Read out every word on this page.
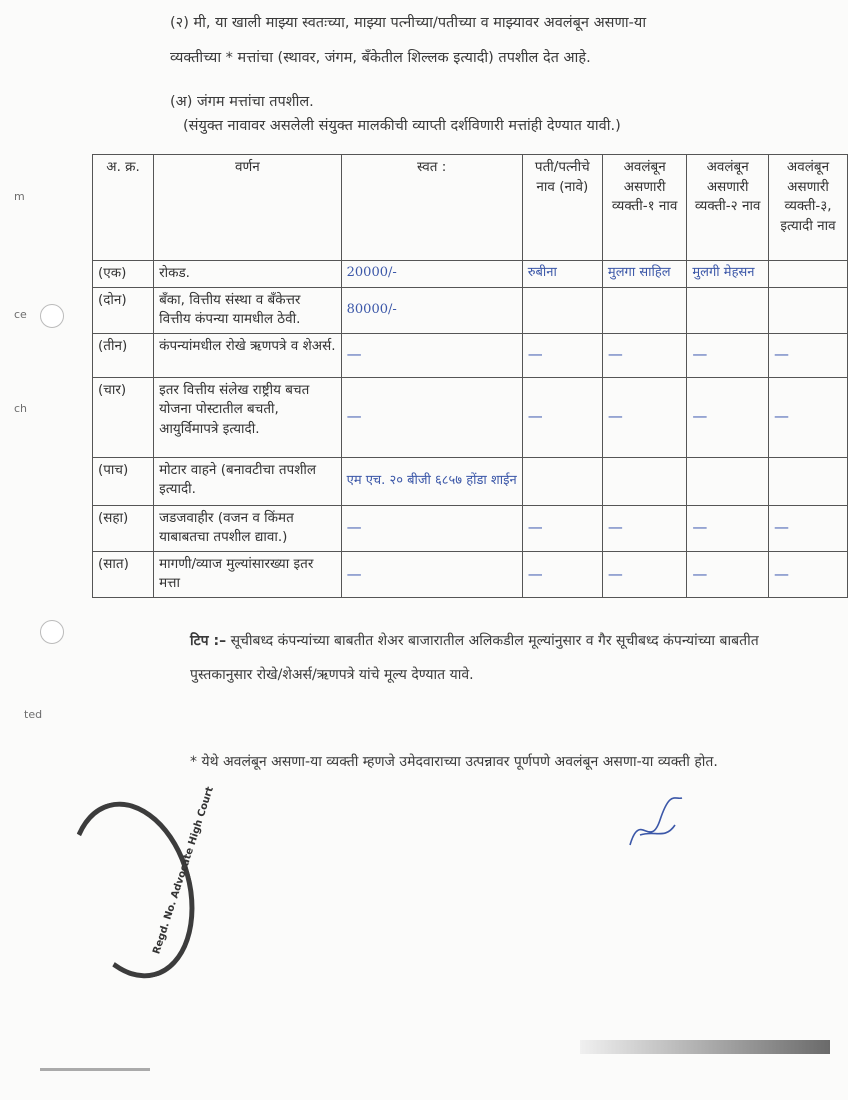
(२) मी, या खाली माझ्या स्वतःच्या, माझ्या पत्नीच्या/पतीच्या व माझ्यावर अवलंबून असणा-या
व्यक्तीच्या * मत्तांचा (स्थावर, जंगम, बँकेतील शिल्लक इत्यादी) तपशील देत आहे.
(अ) जंगम मत्तांचा तपशील.
(संयुक्त नावावर असलेली संयुक्त मालकीची व्याप्ती दर्शविणारी मत्तांही देण्यात यावी.)
m
ce
ch
ted
अ. क्र.	वर्णन	स्वत :	पती/पत्नीचे नाव (नावे)	अवलंबून असणारी व्यक्ती-१ नाव	अवलंबून असणारी व्यक्ती-२ नाव	अवलंबून असणारी व्यक्ती-३, इत्यादी नाव
(एक)	रोकड.	20000/-	रुबीना	मुलगा साहिल	मुलगी मेहसन	
(दोन)	बँका, वित्तीय संस्था व बँकेत्तर वित्तीय कंपन्या यामधील ठेवी.	80000/-				
(तीन)	कंपन्यांमधील रोखे ऋणपत्रे व शेअर्स.	—	—	—	—	—
(चार)	इतर वित्तीय संलेख राष्ट्रीय बचत योजना पोस्टातील बचती, आयुर्विमापत्रे इत्यादी.	—	—	—	—	—
(पाच)	मोटार वाहने (बनावटीचा तपशील इत्यादी.	एम एच. २० बीजी ६८५७ होंडा शाईन				
(सहा)	जडजवाहीर (वजन व किंमत याबाबतचा तपशील द्यावा.)	—	—	—	—	—
(सात)	मागणी/व्याज मुल्यांसारख्या इतर मत्ता	—	—	—	—	—
टिप :– सूचीबध्द कंपन्यांच्या बाबतीत शेअर बाजारातील अलिकडील मूल्यांनुसार व गैर सूचीबध्द कंपन्यांच्या बाबतीत पुस्तकानुसार रोखे/शेअर्स/ऋणपत्रे यांचे मूल्य देण्यात यावे.
* येथे अवलंबून असणा-या व्यक्ती म्हणजे उमेदवाराच्या उत्पन्नावर पूर्णपणे अवलंबून असणा-या व्यक्ती होत.
Regd. No. Advocate High Court
